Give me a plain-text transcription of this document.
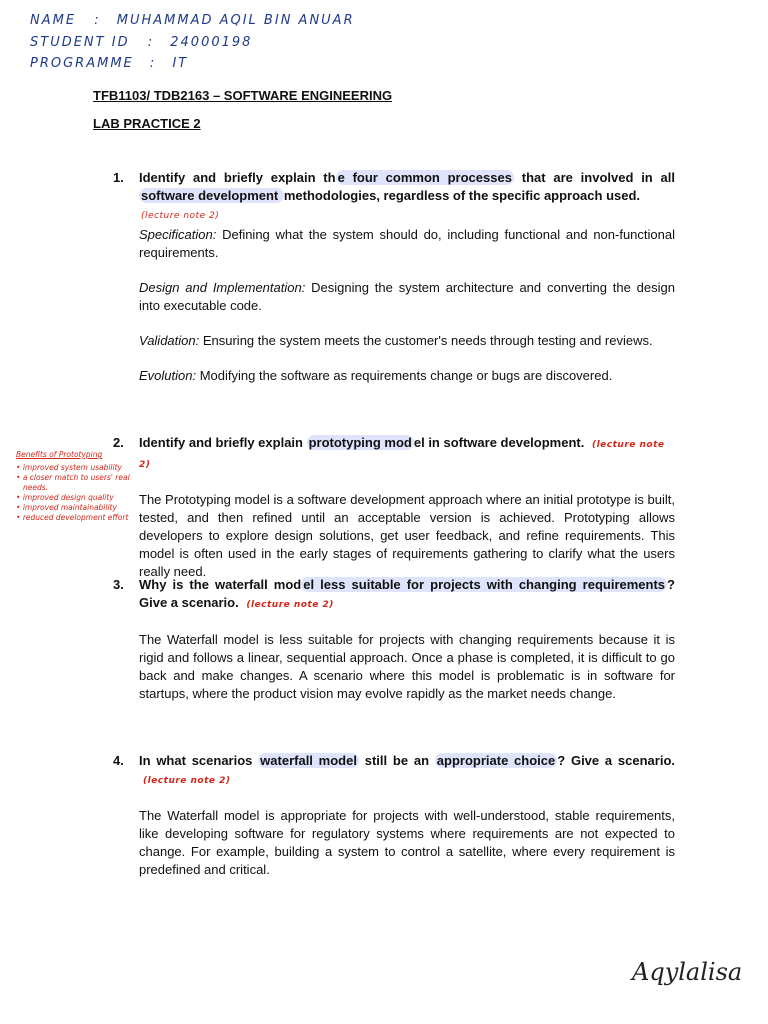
NAME : MUHAMMAD AQIL BIN ANUAR
STUDENT ID : 24000198
PROGRAMME : IT
TFB1103/ TDB2163 – SOFTWARE ENGINEERING
LAB PRACTICE 2
1. Identify and briefly explain th e four common processes that are involved in all software development methodologies, regardless of the specific approach used.
(lecture note 2)

Specification: Defining what the system should do, including functional and non-functional requirements.

Design and Implementation: Designing the system architecture and converting the design into executable code.

Validation: Ensuring the system meets the customer's needs through testing and reviews.

Evolution: Modifying the software as requirements change or bugs are discovered.

2. Identify and briefly explain prototyping mod el in software development. (lecture note 2)

The Prototyping model is a software development approach where an initial prototype is built, tested, and then refined until an acceptable version is achieved. Prototyping allows developers to explore design solutions, get user feedback, and refine requirements. This model is often used in the early stages of requirements gathering to clarify what the users really need.

3. Why is the waterfall mod el less suitable for projects with changing requirements ? Give a scenario. (lecture note 2)

The Waterfall model is less suitable for projects with changing requirements because it is rigid and follows a linear, sequential approach. Once a phase is completed, it is difficult to go back and make changes. A scenario where this model is problematic is in software for startups, where the product vision may evolve rapidly as the market needs change.

4. In what scenarios waterfall model still be an appropriate choice ? Give a scenario. (lecture note 2)

The Waterfall model is appropriate for projects with well-understood, stable requirements, like developing software for regulatory systems where requirements are not expected to change. For example, building a system to control a satellite, where every requirement is predefined and critical.

Benefits of Prototyping
• improved system usability
• a closer match to users' real needs.
• improved design quality
• improved maintainability
• reduced development effort
Aqylalisa
